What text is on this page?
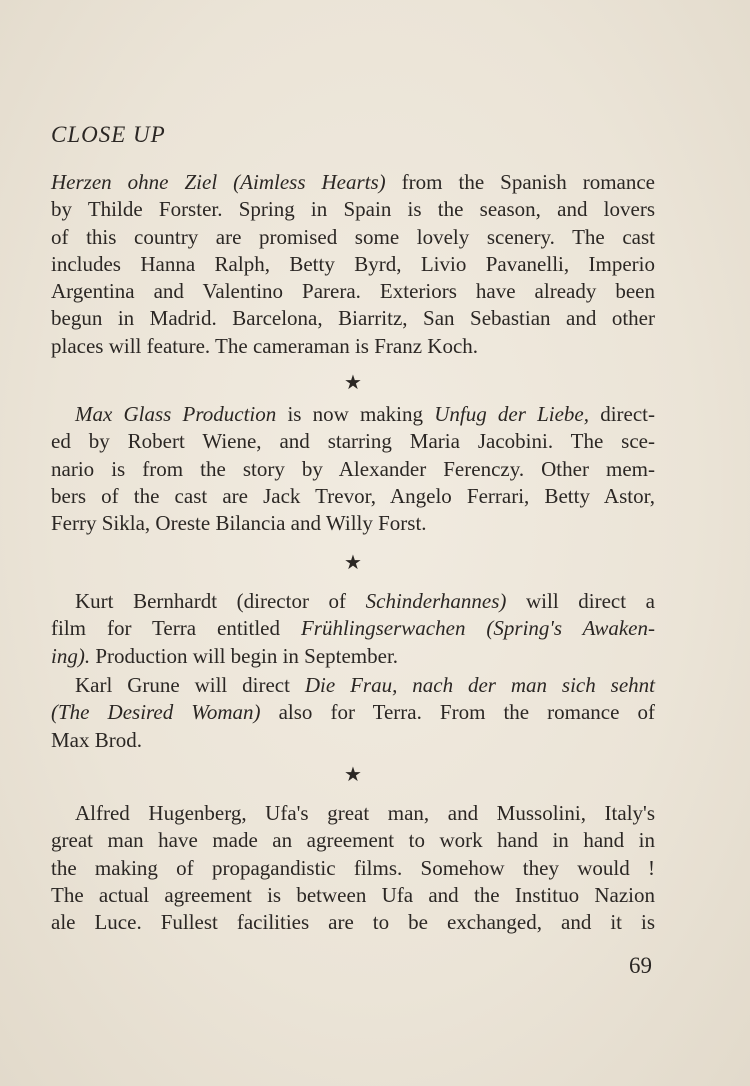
CLOSE UP
Herzen ohne Ziel (Aimless Hearts) from the Spanish romance
by Thilde Forster. Spring in Spain is the season, and lovers
of this country are promised some lovely scenery. The cast
includes Hanna Ralph, Betty Byrd, Livio Pavanelli, Imperio
Argentina and Valentino Parera. Exteriors have already been
begun in Madrid. Barcelona, Biarritz, San Sebastian and other
places will feature. The cameraman is Franz Koch.
★
Max Glass Production is now making Unfug der Liebe, direct-
ed by Robert Wiene, and starring Maria Jacobini. The sce-
nario is from the story by Alexander Ferenczy. Other mem-
bers of the cast are Jack Trevor, Angelo Ferrari, Betty Astor,
Ferry Sikla, Oreste Bilancia and Willy Forst.
★
Kurt Bernhardt (director of Schinderhannes) will direct a
film for Terra entitled Frühlingserwachen (Spring's Awaken-
ing). Production will begin in September.
Karl Grune will direct Die Frau, nach der man sich sehnt
(The Desired Woman) also for Terra. From the romance of
Max Brod.
★
Alfred Hugenberg, Ufa's great man, and Mussolini, Italy's
great man have made an agreement to work hand in hand in
the making of propagandistic films. Somehow they would !
The actual agreement is between Ufa and the Instituo Nazion
ale Luce. Fullest facilities are to be exchanged, and it is
69
